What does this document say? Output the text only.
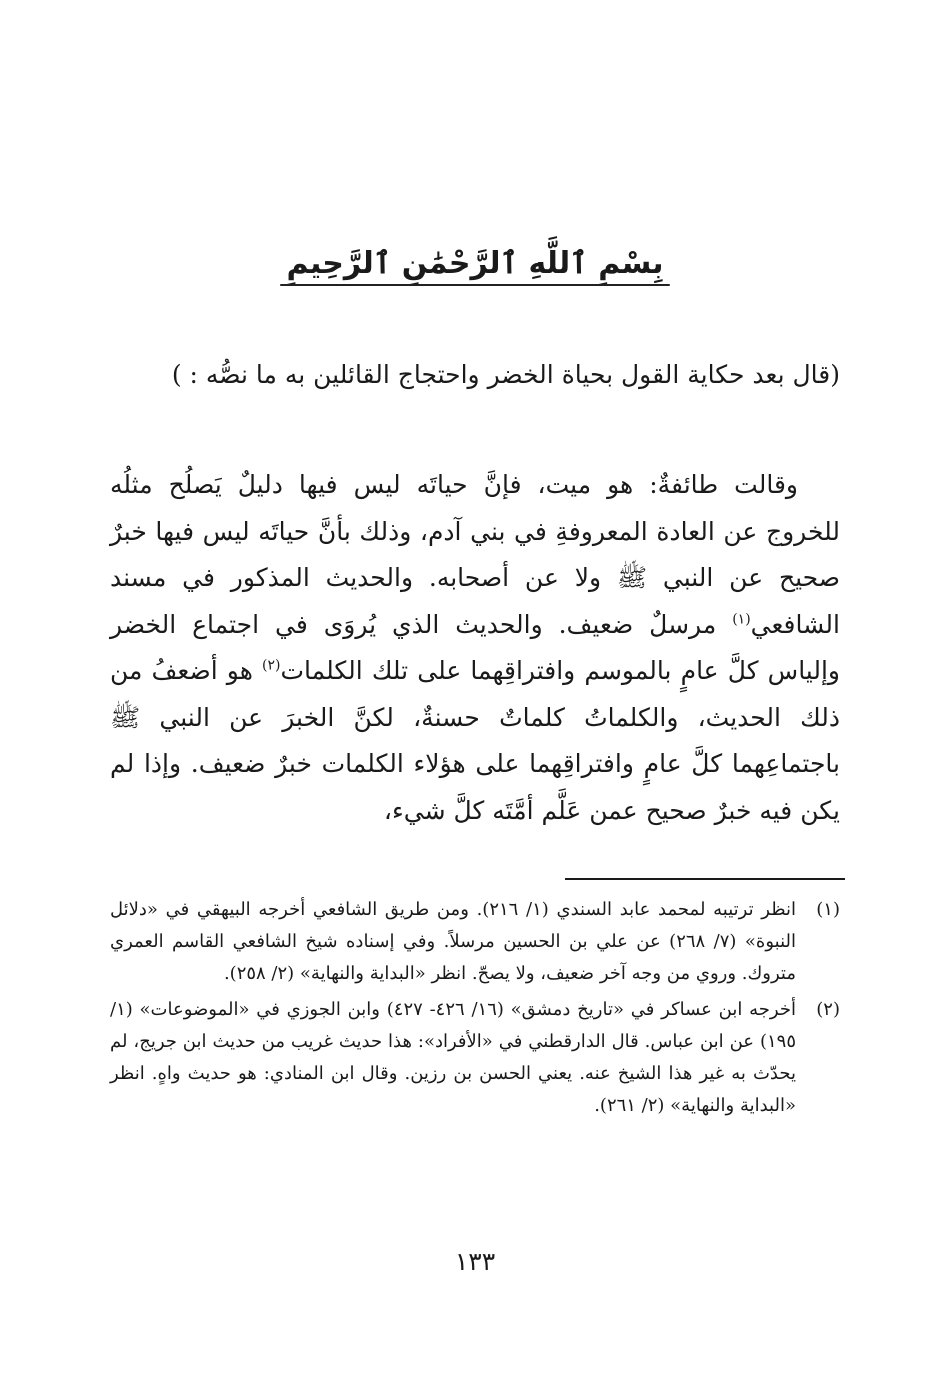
بِسْمِ ٱللَّهِ ٱلرَّحْمَٰنِ ٱلرَّحِيمِ
(قال بعد حكاية القول بحياة الخضر واحتجاج القائلين به ما نصُّه : )

وقالت طائفةٌ: هو ميت، فإنَّ حياتَه ليس فيها دليلٌ يَصلُح مثلُه للخروج عن العادة المعروفةِ في بني آدم، وذلك بأنَّ حياتَه ليس فيها خبرٌ صحيح عن النبي ﷺ ولا عن أصحابه. والحديث المذكور في مسند الشافعي$^{(١)}$ مرسلٌ ضعيف. والحديث الذي يُروَى في اجتماع الخضر وإلياس كلَّ عامٍ بالموسم وافتراقِهما على تلك الكلمات$^{(٢)}$ هو أضعفُ من ذلك الحديث، والكلماتُ كلماتٌ حسنةٌ، لكنَّ الخبرَ عن النبي ﷺ باجتماعِهما كلَّ عامٍ وافتراقِهما على هؤلاء الكلمات خبرٌ ضعيف. وإذا لم يكن فيه خبرٌ صحيح عمن عَلَّم أمَّتَه كلَّ شيء،

(١)
انظر ترتيبه لمحمد عابد السندي (١/ ٢١٦). ومن طريق الشافعي أخرجه البيهقي في «دلائل النبوة» (٧/ ٢٦٨) عن علي بن الحسين مرسلاً. وفي إسناده شيخ الشافعي القاسم العمري متروك. وروي من وجه آخر ضعيف، ولا يصحّ. انظر «البداية والنهاية» (٢/ ٢٥٨).
(٢)
أخرجه ابن عساكر في «تاريخ دمشق» (١٦/ ٤٢٦- ٤٢٧) وابن الجوزي في «الموضوعات» (١/ ١٩٥) عن ابن عباس. قال الدارقطني في «الأفراد»: هذا حديث غريب من حديث ابن جريج، لم يحدّث به غير هذا الشيخ عنه. يعني الحسن بن رزين. وقال ابن المنادي: هو حديث واهٍ. انظر «البداية والنهاية» (٢/ ٢٦١).
١٣٣
